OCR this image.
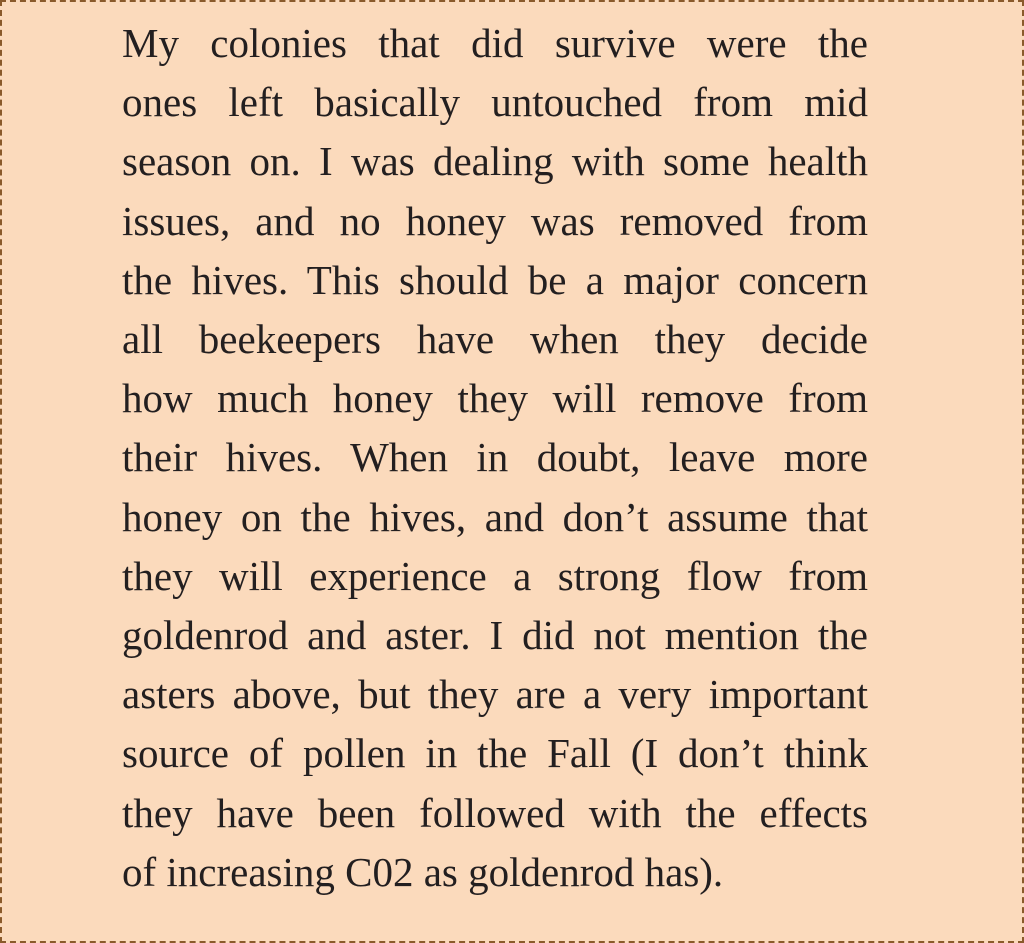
My colonies that did survive were the
ones left basically untouched from mid
season on. I was dealing with some health
issues, and no honey was removed from
the hives. This should be a major concern
all beekeepers have when they decide
how much honey they will remove from
their hives. When in doubt, leave more
honey on the hives, and don’t assume that
they will experience a strong flow from
goldenrod and aster. I did not mention the
asters above, but they are a very important
source of pollen in the Fall (I don’t think
they have been followed with the effects
of increasing C02 as goldenrod has).
